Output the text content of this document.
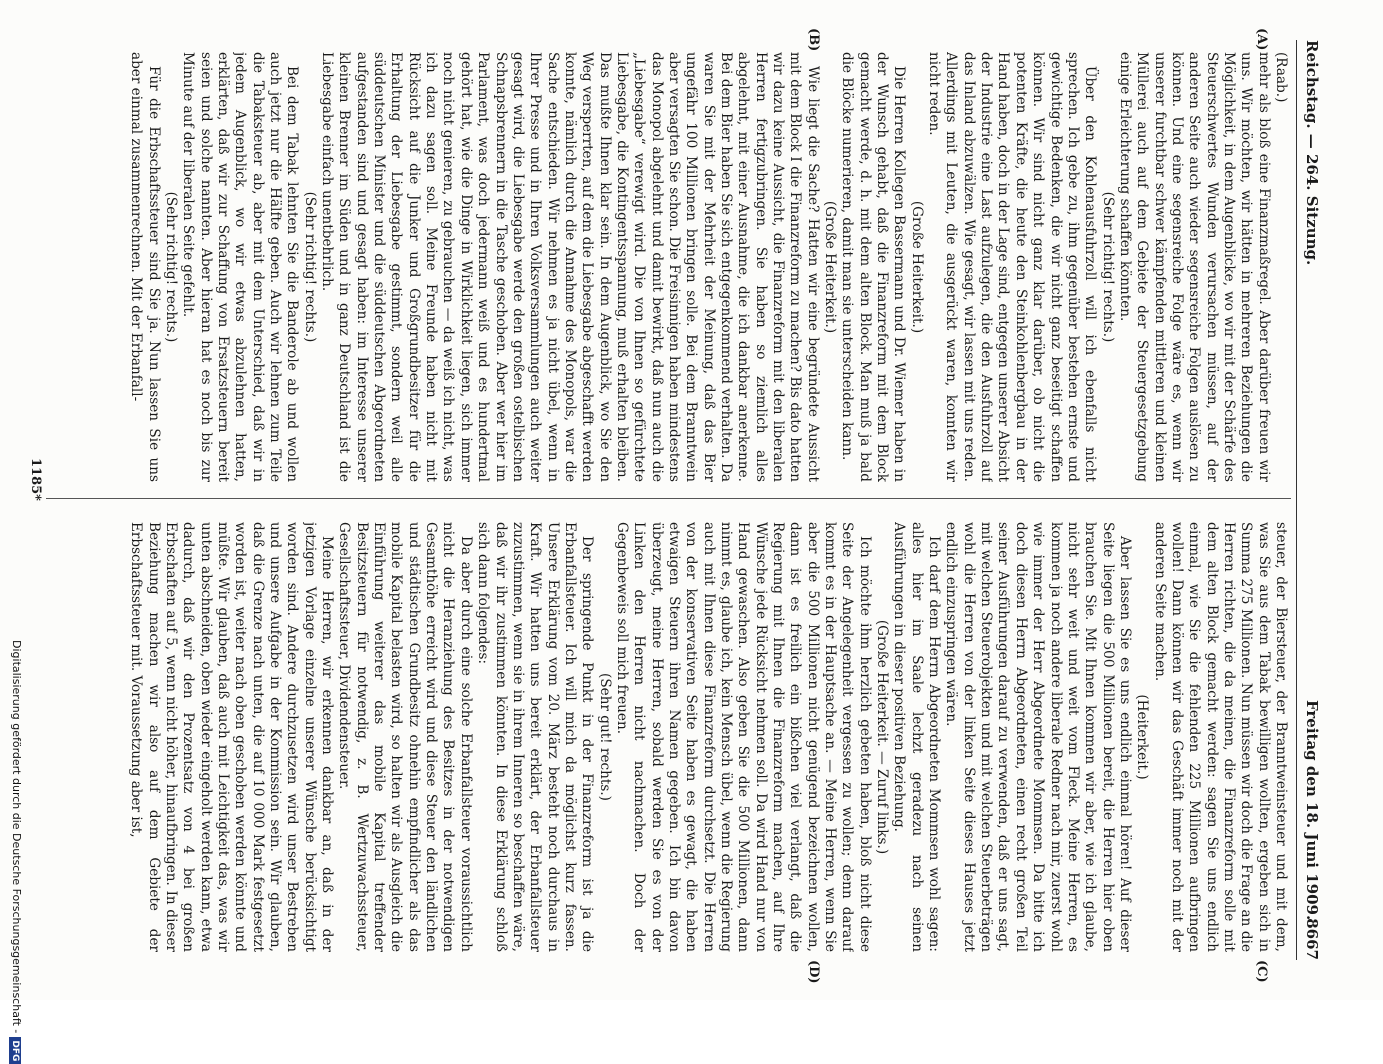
Reichstag. — 264. Sitzung.
Freitag den 18. Juni 1909.
8667
(A)
(B)
(C)
(D)

(Raab.)

mehr als bloß eine Finanzmaßregel. Aber darüber freuen wir uns. Wir möchten, wir hätten in mehreren Beziehungen die Möglichkeit, in dem Augenblicke, wo wir mit der Schärfe des Steuerschwertes Wunden verursachen müssen, auf der anderen Seite auch wieder segensreiche Folgen auslösen zu können. Und eine segensreiche Folge wäre es, wenn wir unserer furchtbar schwer kämpfenden mittleren und kleinen Müllerei auch auf dem Gebiete der Steuergesetzgebung einige Erleichterung schaffen könnten.

(Sehr richtig! rechts.)

Über den Kohlenausfuhrzoll will ich ebenfalls nicht sprechen. Ich gebe zu, ihm gegenüber bestehen ernste und gewichtige Bedenken, die wir nicht ganz beseitigt schaffen können. Wir sind nicht ganz klar darüber, ob nicht die potenten Kräfte, die heute den Steinkohlenbergbau in der Hand haben, doch in der Lage sind, entgegen unserer Absicht der Industrie eine Last aufzulegen, die den Ausfuhrzoll auf das Inland abzuwälzen. Wie gesagt, wir lassen mit uns reden. Allerdings mit Leuten, die ausgerückt waren, konnten wir nicht reden.

(Große Heiterkeit.)

Die Herren Kollegen Bassermann und Dr. Wiemer haben in der Wunsch gehabt, daß die Finanzreform mit dem Block gemacht werde, d. h. mit dem alten Block. Man muß ja bald die Blöcke numerieren, damit man sie unterscheiden kann.

(Große Heiterkeit.)

Wie liegt die Sache? Hatten wir eine begründete Aussicht mit dem Block I die Finanzreform zu machen? Bis dato hatten wir dazu keine Aussicht, die Finanzreform mit den liberalen Herren fertigzubringen. Sie haben so ziemlich alles abgelehnt, mit einer Ausnahme, die ich dankbar anerkenne. Bei dem Bier haben Sie sich entgegenkommend verhalten. Da waren Sie mit der Mehrheit der Meinung, daß das Bier ungefähr 100 Millionen bringen solle. Bei dem Branntwein aber versagten Sie schon. Die Freisinnigen haben mindestens das Monopol abgelehnt und damit bewirkt, daß nun auch die „Liebesgabe“ verewigt wird. Die von Ihnen so gefürchtete Liebesgabe, die Kontingentsspannung, muß erhalten bleiben. Das mußte Ihnen klar sein. In dem Augenblick, wo Sie den Weg versperrten, auf dem die Liebesgabe abgeschafft werden konnte, nämlich durch die Annahme des Monopols, war die Sache entschieden. Wir nehmen es ja nicht übel, wenn in Ihrer Presse und in Ihren Volksversammlungen auch weiter gesagt wird, die Liebesgabe werde den großen ostelbischen Schnapsbrennern in die Tasche geschoben. Aber wer hier im Parlament, was doch jedermann weiß und es hundertmal gehört hat, wie die Dinge in Wirklichkeit liegen, sich immer noch nicht genieren, zu gebrauchen — da weiß ich nicht, was ich dazu sagen soll. Meine Freunde haben nicht mit Rücksicht auf die Junker und Großgrundbesitzer für die Erhaltung der Liebesgabe gestimmt, sondern weil alle süddeutschen Minister und die süddeutschen Abgeordneten aufgestanden sind und gesagt haben: im Interesse unserer kleinen Brenner im Süden und in ganz Deutschland ist die Liebesgabe einfach unentbehrlich.

(Sehr richtig! rechts.)

Bei dem Tabak lehnten Sie die Banderole ab und wollen auch jetzt nur die Hälfte geben. Auch wir lehnen zum Teile die Tabaksteuer ab, aber mit dem Unterschied, daß wir in jedem Augenblick, wo wir etwas abzulehnen hatten, erklärten, daß wir zur Schaffung von Ersatzsteuern bereit seien und solche nannten. Aber hieran hat es noch bis zur Minute auf der liberalen Seite gefehlt.

(Sehr richtig! rechts.)

Für die Erbschaftssteuer sind Sie ja. Nun lassen Sie uns aber einmal zusammenrechnen. Mit der Erbanfall-

steuer, der Biersteuer, der Branntweinsteuer und mit dem, was Sie aus dem Tabak bewilligen wollten, ergeben sich in Summa 275 Millionen. Nun müssen wir doch die Frage an die Herren richten, die da meinen, die Finanzreform solle mit dem alten Block gemacht werden: sagen Sie uns endlich einmal, wie Sie die fehlenden 225 Millionen aufbringen wollen! Dann können wir das Geschäft immer noch mit der anderen Seite machen.

(Heiterkeit.)

Aber lassen Sie es uns endlich einmal hören! Auf dieser Seite liegen die 500 Millionen bereit, die Herren hier oben brauchen Sie. Mit Ihnen kommen wir aber, wie ich glaube, nicht sehr weit und weit vom Fleck. Meine Herren, es kommen ja noch andere liberale Redner nach mir, zuerst wohl wie immer der Herr Abgeordnete Mommsen. Da bitte ich doch diesen Herrn Abgeordneten, einen recht großen Teil seiner Ausführungen darauf zu verwenden, daß er uns sagt, mit welchen Steuerobjekten und mit welchen Steuerbeträgen wohl die Herren von der linken Seite dieses Hauses jetzt endlich einzuspringen wären.

Ich darf dem Herrn Abgeordneten Mommsen wohl sagen: alles hier im Saale lechzt geradezu nach seinen Ausführungen in dieser positiven Beziehung.

(Große Heiterkeit. — Zuruf links.)

Ich möchte ihm herzlich gebeten haben, bloß nicht diese Seite der Angelegenheit vergessen zu wollen; denn darauf kommt es in der Hauptsache an. — Meine Herren, wenn Sie aber die 500 Millionen nicht genügend bezeichnen wollen, dann ist es freilich ein bißchen viel verlangt, daß die Regierung mit Ihnen die Finanzreform machen, auf Ihre Wünsche jede Rücksicht nehmen soll. Da wird Hand nur von Hand gewaschen. Also geben Sie die 500 Millionen, dann nimmt es, glaube ich, kein Mensch übel, wenn die Regierung auch mit Ihnen diese Finanzreform durchsetzt. Die Herren von der konservativen Seite haben es gewagt, die haben etwaigen Steuern ihren Namen gegeben. Ich bin davon überzeugt, meine Herren, sobald werden Sie es von der Linken den Herren nicht nachmachen. Doch der Gegenbeweis soll mich freuen.

(Sehr gut! rechts.)

Der springende Punkt in der Finanzreform ist ja die Erbanfallsteuer. Ich will mich da möglichst kurz fassen. Unsere Erklärung vom 20. März besteht noch durchaus in Kraft. Wir hatten uns bereit erklärt, der Erbanfallsteuer zuzustimmen, wenn sie in ihrem Inneren so beschaffen wäre, daß wir ihr zustimmen könnten. In diese Erklärung schloß sich dann folgendes:

Da aber durch eine solche Erbanfallsteuer voraussichtlich nicht die Heranziehung des Besitzes in der notwendigen Gesamthöhe erreicht wird und diese Steuer den ländlichen und städtischen Grundbesitz ohnehin empfindlicher als das mobile Kapital belasten wird, so halten wir als Ausgleich die Einführung weiterer das mobile Kapital treffender Besitzsteuern für notwendig, z. B. Wertzuwachssteuer, Gesellschaftssteuer, Dividendensteuer.

Meine Herren, wir erkennen dankbar an, daß in der jetzigen Vorlage einzelne unserer Wünsche berücksichtigt worden sind. Andere durchzusetzen wird unser Bestreben und unsere Aufgabe in der Kommission sein. Wir glauben, daß die Grenze nach unten, die auf 10 000 Mark festgesetzt worden ist, weiter nach oben geschoben werden könnte und müßte. Wir glauben, daß auch mit Leichtigkeit das, was wir unten abschneiden, oben wieder eingeholt werden kann, etwa dadurch, daß wir den Prozentsatz von 4 bei großen Erbschaften auf 5, wenn nicht höher, hinaufbringen. In dieser Beziehung machen wir also auf dem Gebiete der Erbschaftssteuer mit. Voraussetzung aber ist,

1185*
Digitalisierung gefördert durch die Deutsche Forschungsgemeinschaft -DFG
